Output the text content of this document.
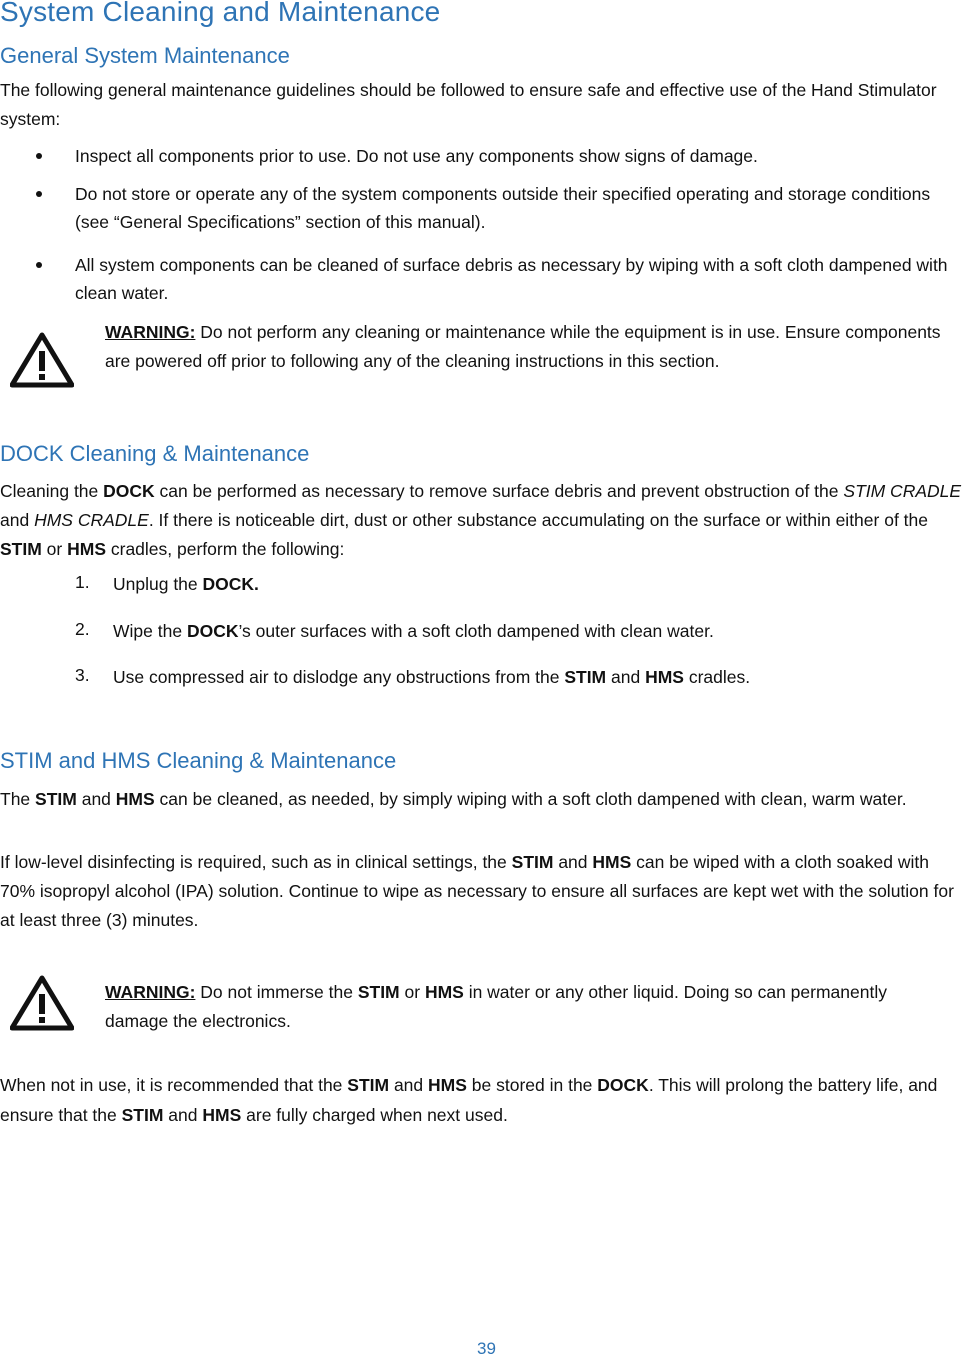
System Cleaning and Maintenance
General System Maintenance

The following general maintenance guidelines should be followed to ensure safe and effective use of the Hand Stimulator system:

Inspect all components prior to use. Do not use any components show signs of damage.

Do not store or operate any of the system components outside their specified operating and storage conditions (see “General Specifications” section of this manual).

All system components can be cleaned of surface debris as necessary by wiping with a soft cloth dampened with clean water.

WARNING: Do not perform any cleaning or maintenance while the equipment is in use. Ensure components are powered off prior to following any of the cleaning instructions in this section.

DOCK Cleaning & Maintenance

Cleaning the DOCK can be performed as necessary to remove surface debris and prevent obstruction of the STIM CRADLE and HMS CRADLE. If there is noticeable dirt, dust or other substance accumulating on the surface or within either of the STIM or HMS cradles, perform the following:

1. Unplug the DOCK.

2. Wipe the DOCK’s outer surfaces with a soft cloth dampened with clean water.

3. Use compressed air to dislodge any obstructions from the STIM and HMS cradles.

STIM and HMS Cleaning & Maintenance

The STIM and HMS can be cleaned, as needed, by simply wiping with a soft cloth dampened with clean, warm water.

If low-level disinfecting is required, such as in clinical settings, the STIM and HMS can be wiped with a cloth soaked with 70% isopropyl alcohol (IPA) solution. Continue to wipe as necessary to ensure all surfaces are kept wet with the solution for at least three (3) minutes.

WARNING: Do not immerse the STIM or HMS in water or any other liquid. Doing so can permanently damage the electronics.

When not in use, it is recommended that the STIM and HMS be stored in the DOCK. This will prolong the battery life, and ensure that the STIM and HMS are fully charged when next used.

39
